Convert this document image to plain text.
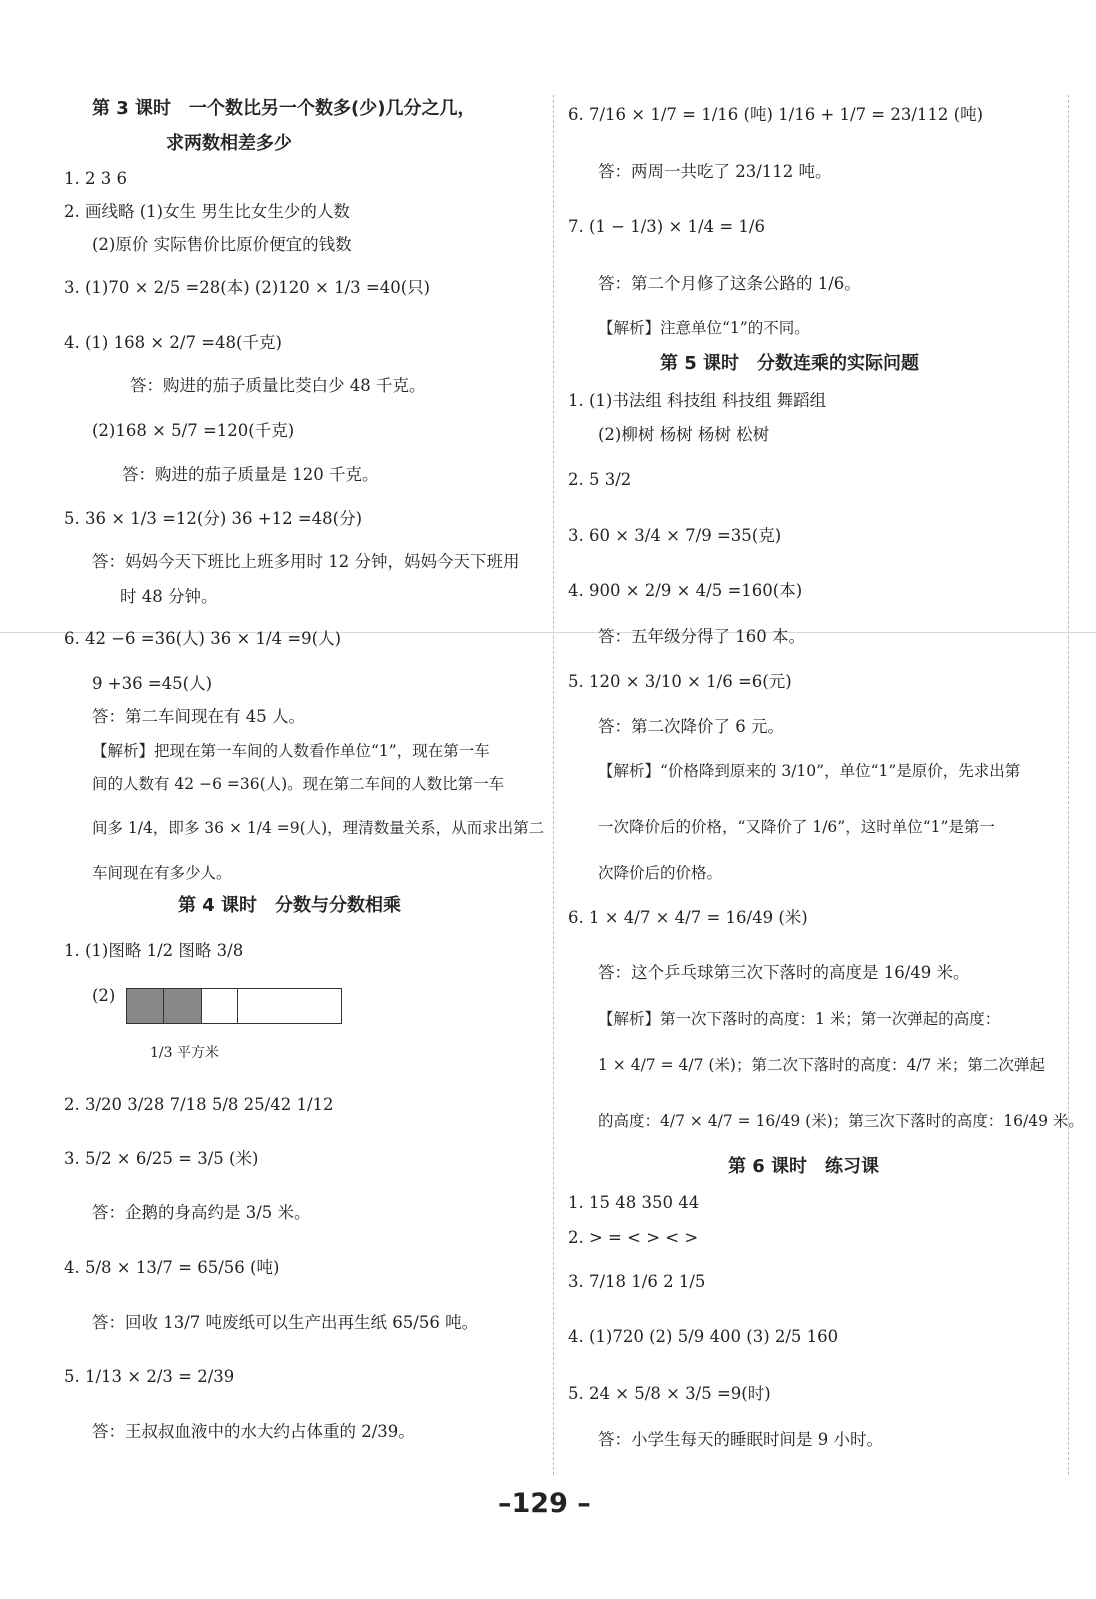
第 3 课时　一个数比另一个数多(少)几分之几，
求两数相差多少
1. 2 3 6
2. 画线略 (1)女生 男生比女生少的人数
(2)原价 实际售价比原价便宜的钱数
3. (1)70 × 2/5 =28(本) (2)120 × 1/3 =40(只)
4. (1) 168 × 2/7 =48(千克)
答：购进的茄子质量比茭白少 48 千克。
(2)168 × 5/7 =120(千克)
答：购进的茄子质量是 120 千克。
5. 36 × 1/3 =12(分) 36 +12 =48(分)
答：妈妈今天下班比上班多用时 12 分钟，妈妈今天下班用
时 48 分钟。
6. 42 −6 =36(人) 36 × 1/4 =9(人)
9 +36 =45(人)
答：第二车间现在有 45 人。
【解析】把现在第一车间的人数看作单位“1”，现在第一车
间的人数有 42 −6 =36(人)。现在第二车间的人数比第一车
间多 1/4，即多 36 × 1/4 =9(人)，理清数量关系，从而求出第二
车间现在有多少人。
第 4 课时　分数与分数相乘
1. (1)图略 1/2 图略 3/8
(2)
1/3 平方米
2. 3/20 3/28 7/18 5/8 25/42 1/12
3. 5/2 × 6/25 = 3/5 (米)
答：企鹅的身高约是 3/5 米。
4. 5/8 × 13/7 = 65/56 (吨)
答：回收 13/7 吨废纸可以生产出再生纸 65/56 吨。
5. 1/13 × 2/3 = 2/39
答：王叔叔血液中的水大约占体重的 2/39。
6. 7/16 × 1/7 = 1/16 (吨) 1/16 + 1/7 = 23/112 (吨)
答：两周一共吃了 23/112 吨。
7. (1 − 1/3) × 1/4 = 1/6
答：第二个月修了这条公路的 1/6。
【解析】注意单位“1”的不同。
第 5 课时　分数连乘的实际问题
1. (1)书法组 科技组 科技组 舞蹈组
(2)柳树 杨树 杨树 松树
2. 5 3/2
3. 60 × 3/4 × 7/9 =35(克)
4. 900 × 2/9 × 4/5 =160(本)
答：五年级分得了 160 本。
5. 120 × 3/10 × 1/6 =6(元)
答：第二次降价了 6 元。
【解析】“价格降到原来的 3/10”，单位“1”是原价，先求出第
一次降价后的价格，“又降价了 1/6”，这时单位“1”是第一
次降价后的价格。
6. 1 × 4/7 × 4/7 = 16/49 (米)
答：这个乒乓球第三次下落时的高度是 16/49 米。
【解析】第一次下落时的高度：1 米；第一次弹起的高度：
1 × 4/7 = 4/7 (米)；第二次下落时的高度：4/7 米；第二次弹起
的高度：4/7 × 4/7 = 16/49 (米)；第三次下落时的高度：16/49 米。
第 6 课时　练习课
1. 15 48 350 44
2. > = < > < >
3. 7/18 1/6 2 1/5
4. (1)720 (2) 5/9 400 (3) 2/5 160
5. 24 × 5/8 × 3/5 =9(时)
答：小学生每天的睡眠时间是 9 小时。
–129 –
